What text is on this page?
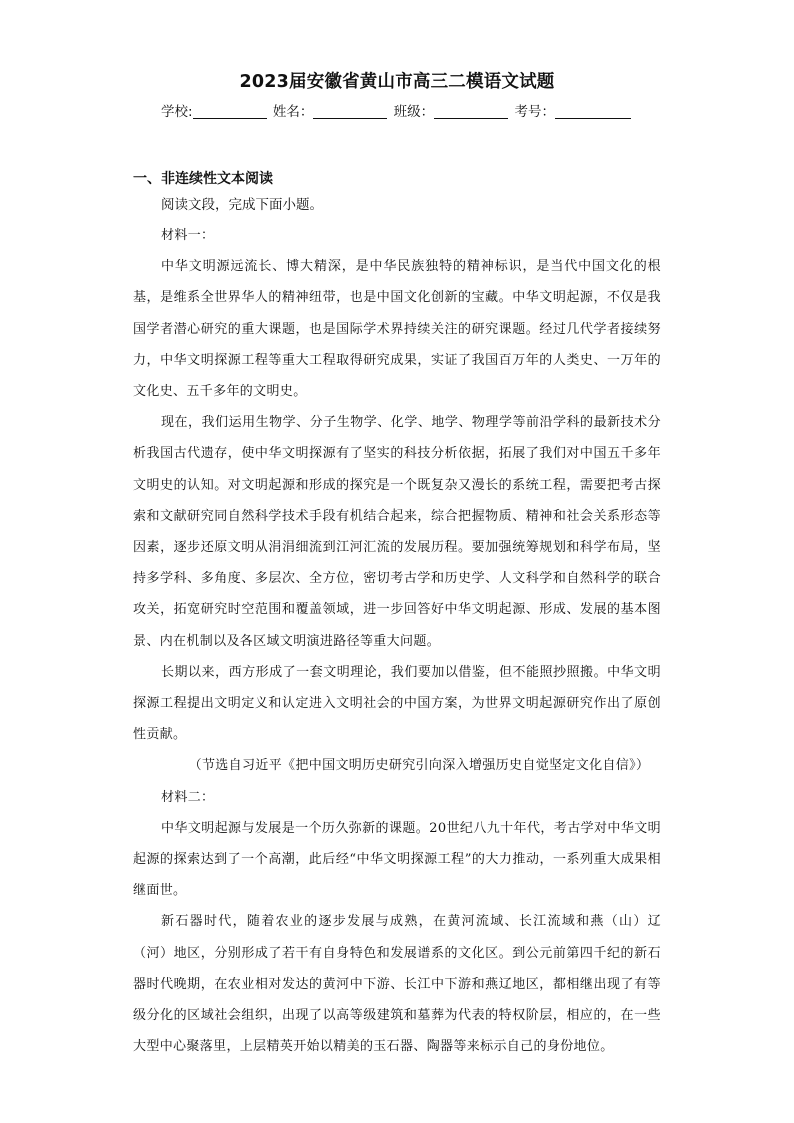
2023届安徽省黄山市高三二模语文试题
学校:	姓名：	班级：	考号：
一、非连续性文本阅读
阅读文段，完成下面小题。

材料一：

中华文明源远流长、博大精深，是中华民族独特的精神标识，是当代中国文化的根基，是维系全世界华人的精神纽带，也是中国文化创新的宝藏。中华文明起源，不仅是我国学者潜心研究的重大课题，也是国际学术界持续关注的研究课题。经过几代学者接续努力，中华文明探源工程等重大工程取得研究成果，实证了我国百万年的人类史、一万年的文化史、五千多年的文明史。

现在，我们运用生物学、分子生物学、化学、地学、物理学等前沿学科的最新技术分析我国古代遗存，使中华文明探源有了坚实的科技分析依据，拓展了我们对中国五千多年文明史的认知。对文明起源和形成的探究是一个既复杂又漫长的系统工程，需要把考古探索和文献研究同自然科学技术手段有机结合起来，综合把握物质、精神和社会关系形态等因素，逐步还原文明从涓涓细流到江河汇流的发展历程。要加强统筹规划和科学布局，坚持多学科、多角度、多层次、全方位，密切考古学和历史学、人文科学和自然科学的联合攻关，拓宽研究时空范围和覆盖领域，进一步回答好中华文明起源、形成、发展的基本图景、内在机制以及各区域文明演进路径等重大问题。

长期以来，西方形成了一套文明理论，我们要加以借鉴，但不能照抄照搬。中华文明探源工程提出文明定义和认定进入文明社会的中国方案，为世界文明起源研究作出了原创性贡献。

（节选自习近平《把中国文明历史研究引向深入增强历史自觉坚定文化自信》）

材料二：

中华文明起源与发展是一个历久弥新的课题。20世纪八九十年代，考古学对中华文明起源的探索达到了一个高潮，此后经“中华文明探源工程”的大力推动，一系列重大成果相继面世。

新石器时代，随着农业的逐步发展与成熟，在黄河流域、长江流域和燕（山）辽（河）地区，分别形成了若干有自身特色和发展谱系的文化区。到公元前第四千纪的新石器时代晚期，在农业相对发达的黄河中下游、长江中下游和燕辽地区，都相继出现了有等级分化的区域社会组织，出现了以高等级建筑和墓葬为代表的特权阶层，相应的，在一些大型中心聚落里，上层精英开始以精美的玉石器、陶器等来标示自己的身份地位。
